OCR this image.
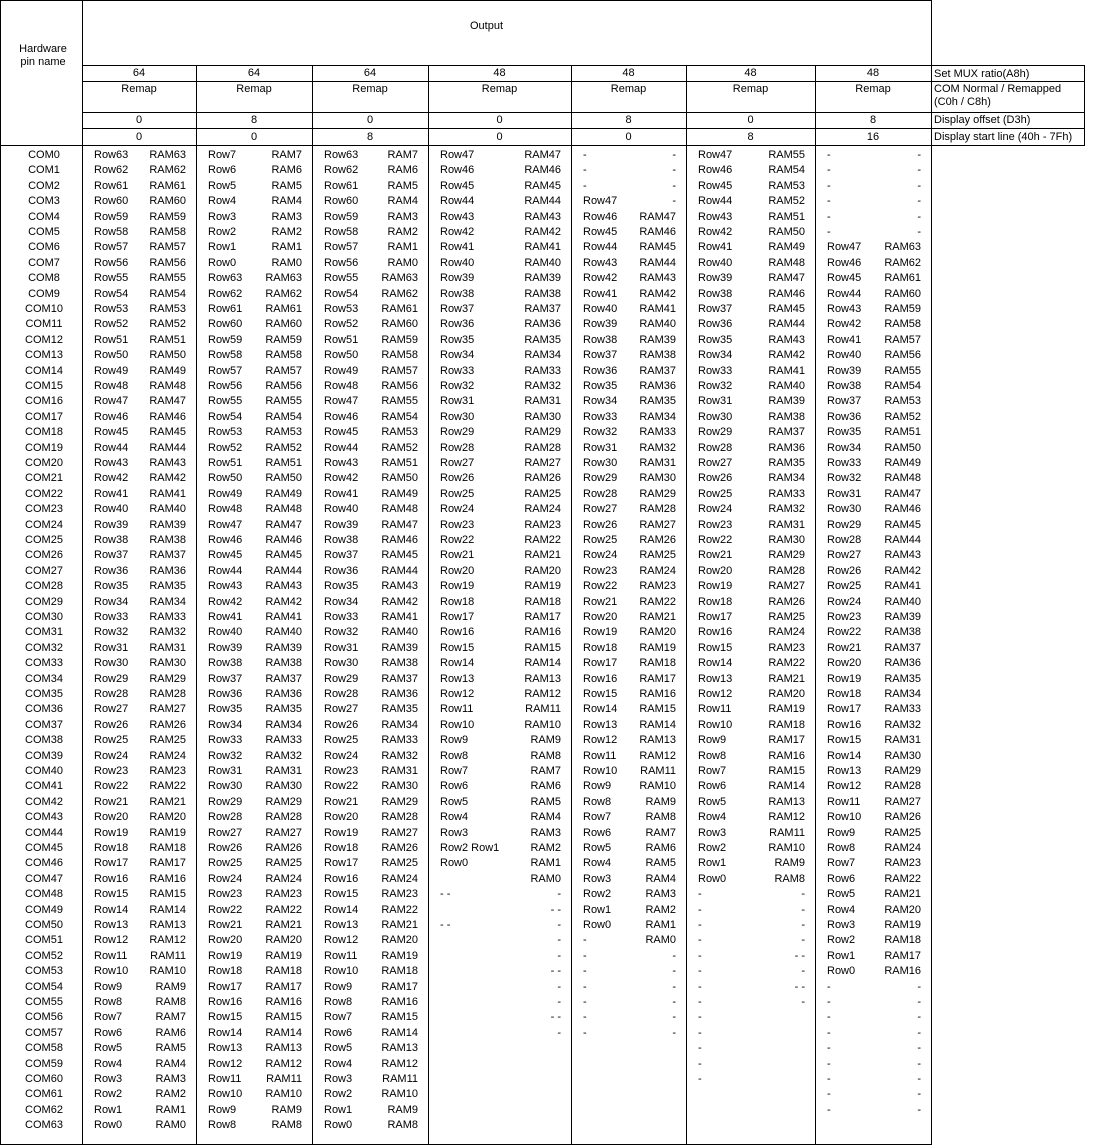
Hardware
pin name
Output
Set MUX ratio(A8h)
COM Normal / Remapped
(C0h / C8h)
Display offset (D3h)
Display start line (40h - 7Fh)
64
Remap
0
0
64
Remap
8
0
64
Remap
0
8
48
Remap
0
0
48
Remap
8
0
48
Remap
0
8
48
Remap
8
16
COM0
COM1
COM2
COM3
COM4
COM5
COM6
COM7
COM8
COM9
COM10
COM11
COM12
COM13
COM14
COM15
COM16
COM17
COM18
COM19
COM20
COM21
COM22
COM23
COM24
COM25
COM26
COM27
COM28
COM29
COM30
COM31
COM32
COM33
COM34
COM35
COM36
COM37
COM38
COM39
COM40
COM41
COM42
COM43
COM44
COM45
COM46
COM47
COM48
COM49
COM50
COM51
COM52
COM53
COM54
COM55
COM56
COM57
COM58
COM59
COM60
COM61
COM62
COM63
Row63
Row62
Row61
Row60
Row59
Row58
Row57
Row56
Row55
Row54
Row53
Row52
Row51
Row50
Row49
Row48
Row47
Row46
Row45
Row44
Row43
Row42
Row41
Row40
Row39
Row38
Row37
Row36
Row35
Row34
Row33
Row32
Row31
Row30
Row29
Row28
Row27
Row26
Row25
Row24
Row23
Row22
Row21
Row20
Row19
Row18
Row17
Row16
Row15
Row14
Row13
Row12
Row11
Row10
Row9
Row8
Row7
Row6
Row5
Row4
Row3
Row2
Row1
Row0
RAM63
RAM62
RAM61
RAM60
RAM59
RAM58
RAM57
RAM56
RAM55
RAM54
RAM53
RAM52
RAM51
RAM50
RAM49
RAM48
RAM47
RAM46
RAM45
RAM44
RAM43
RAM42
RAM41
RAM40
RAM39
RAM38
RAM37
RAM36
RAM35
RAM34
RAM33
RAM32
RAM31
RAM30
RAM29
RAM28
RAM27
RAM26
RAM25
RAM24
RAM23
RAM22
RAM21
RAM20
RAM19
RAM18
RAM17
RAM16
RAM15
RAM14
RAM13
RAM12
RAM11
RAM10
RAM9
RAM8
RAM7
RAM6
RAM5
RAM4
RAM3
RAM2
RAM1
RAM0
Row7
Row6
Row5
Row4
Row3
Row2
Row1
Row0
Row63
Row62
Row61
Row60
Row59
Row58
Row57
Row56
Row55
Row54
Row53
Row52
Row51
Row50
Row49
Row48
Row47
Row46
Row45
Row44
Row43
Row42
Row41
Row40
Row39
Row38
Row37
Row36
Row35
Row34
Row33
Row32
Row31
Row30
Row29
Row28
Row27
Row26
Row25
Row24
Row23
Row22
Row21
Row20
Row19
Row18
Row17
Row16
Row15
Row14
Row13
Row12
Row11
Row10
Row9
Row8
RAM7
RAM6
RAM5
RAM4
RAM3
RAM2
RAM1
RAM0
RAM63
RAM62
RAM61
RAM60
RAM59
RAM58
RAM57
RAM56
RAM55
RAM54
RAM53
RAM52
RAM51
RAM50
RAM49
RAM48
RAM47
RAM46
RAM45
RAM44
RAM43
RAM42
RAM41
RAM40
RAM39
RAM38
RAM37
RAM36
RAM35
RAM34
RAM33
RAM32
RAM31
RAM30
RAM29
RAM28
RAM27
RAM26
RAM25
RAM24
RAM23
RAM22
RAM21
RAM20
RAM19
RAM18
RAM17
RAM16
RAM15
RAM14
RAM13
RAM12
RAM11
RAM10
RAM9
RAM8
Row63
Row62
Row61
Row60
Row59
Row58
Row57
Row56
Row55
Row54
Row53
Row52
Row51
Row50
Row49
Row48
Row47
Row46
Row45
Row44
Row43
Row42
Row41
Row40
Row39
Row38
Row37
Row36
Row35
Row34
Row33
Row32
Row31
Row30
Row29
Row28
Row27
Row26
Row25
Row24
Row23
Row22
Row21
Row20
Row19
Row18
Row17
Row16
Row15
Row14
Row13
Row12
Row11
Row10
Row9
Row8
Row7
Row6
Row5
Row4
Row3
Row2
Row1
Row0
RAM7
RAM6
RAM5
RAM4
RAM3
RAM2
RAM1
RAM0
RAM63
RAM62
RAM61
RAM60
RAM59
RAM58
RAM57
RAM56
RAM55
RAM54
RAM53
RAM52
RAM51
RAM50
RAM49
RAM48
RAM47
RAM46
RAM45
RAM44
RAM43
RAM42
RAM41
RAM40
RAM39
RAM38
RAM37
RAM36
RAM35
RAM34
RAM33
RAM32
RAM31
RAM30
RAM29
RAM28
RAM27
RAM26
RAM25
RAM24
RAM23
RAM22
RAM21
RAM20
RAM19
RAM18
RAM17
RAM16
RAM15
RAM14
RAM13
RAM12
RAM11
RAM10
RAM9
RAM8
Row47
Row46
Row45
Row44
Row43
Row42
Row41
Row40
Row39
Row38
Row37
Row36
Row35
Row34
Row33
Row32
Row31
Row30
Row29
Row28
Row27
Row26
Row25
Row24
Row23
Row22
Row21
Row20
Row19
Row18
Row17
Row16
Row15
Row14
Row13
Row12
Row11
Row10
Row9
Row8
Row7
Row6
Row5
Row4
Row3
Row2 Row1
Row0
- -
- -
RAM47
RAM46
RAM45
RAM44
RAM43
RAM42
RAM41
RAM40
RAM39
RAM38
RAM37
RAM36
RAM35
RAM34
RAM33
RAM32
RAM31
RAM30
RAM29
RAM28
RAM27
RAM26
RAM25
RAM24
RAM23
RAM22
RAM21
RAM20
RAM19
RAM18
RAM17
RAM16
RAM15
RAM14
RAM13
RAM12
RAM11
RAM10
RAM9
RAM8
RAM7
RAM6
RAM5
RAM4
RAM3
RAM2
RAM1
RAM0
-
- -
-
-
-
- -
-
-
- -
-
-
-
-
Row47
Row46
Row45
Row44
Row43
Row42
Row41
Row40
Row39
Row38
Row37
Row36
Row35
Row34
Row33
Row32
Row31
Row30
Row29
Row28
Row27
Row26
Row25
Row24
Row23
Row22
Row21
Row20
Row19
Row18
Row17
Row16
Row15
Row14
Row13
Row12
Row11
Row10
Row9
Row8
Row7
Row6
Row5
Row4
Row3
Row2
Row1
Row0
-
-
-
-
-
-
-
-
-
-
-
RAM47
RAM46
RAM45
RAM44
RAM43
RAM42
RAM41
RAM40
RAM39
RAM38
RAM37
RAM36
RAM35
RAM34
RAM33
RAM32
RAM31
RAM30
RAM29
RAM28
RAM27
RAM26
RAM25
RAM24
RAM23
RAM22
RAM21
RAM20
RAM19
RAM18
RAM17
RAM16
RAM15
RAM14
RAM13
RAM12
RAM11
RAM10
RAM9
RAM8
RAM7
RAM6
RAM5
RAM4
RAM3
RAM2
RAM1
RAM0
-
-
-
-
-
-
Row47
Row46
Row45
Row44
Row43
Row42
Row41
Row40
Row39
Row38
Row37
Row36
Row35
Row34
Row33
Row32
Row31
Row30
Row29
Row28
Row27
Row26
Row25
Row24
Row23
Row22
Row21
Row20
Row19
Row18
Row17
Row16
Row15
Row14
Row13
Row12
Row11
Row10
Row9
Row8
Row7
Row6
Row5
Row4
Row3
Row2
Row1
Row0
-
-
-
-
-
-
-
-
-
-
-
-
-
RAM55
RAM54
RAM53
RAM52
RAM51
RAM50
RAM49
RAM48
RAM47
RAM46
RAM45
RAM44
RAM43
RAM42
RAM41
RAM40
RAM39
RAM38
RAM37
RAM36
RAM35
RAM34
RAM33
RAM32
RAM31
RAM30
RAM29
RAM28
RAM27
RAM26
RAM25
RAM24
RAM23
RAM22
RAM21
RAM20
RAM19
RAM18
RAM17
RAM16
RAM15
RAM14
RAM13
RAM12
RAM11
RAM10
RAM9
RAM8
-
-
-
-
- -
-
- -
-
-
-
-
-
-
-
Row47
Row46
Row45
Row44
Row43
Row42
Row41
Row40
Row39
Row38
Row37
Row36
Row35
Row34
Row33
Row32
Row31
Row30
Row29
Row28
Row27
Row26
Row25
Row24
Row23
Row22
Row21
Row20
Row19
Row18
Row17
Row16
Row15
Row14
Row13
Row12
Row11
Row10
Row9
Row8
Row7
Row6
Row5
Row4
Row3
Row2
Row1
Row0
-
-
-
-
-
-
-
-
-
-
-
-
-
-
-
RAM63
RAM62
RAM61
RAM60
RAM59
RAM58
RAM57
RAM56
RAM55
RAM54
RAM53
RAM52
RAM51
RAM50
RAM49
RAM48
RAM47
RAM46
RAM45
RAM44
RAM43
RAM42
RAM41
RAM40
RAM39
RAM38
RAM37
RAM36
RAM35
RAM34
RAM33
RAM32
RAM31
RAM30
RAM29
RAM28
RAM27
RAM26
RAM25
RAM24
RAM23
RAM22
RAM21
RAM20
RAM19
RAM18
RAM17
RAM16
-
-
-
-
-
-
-
-
-
